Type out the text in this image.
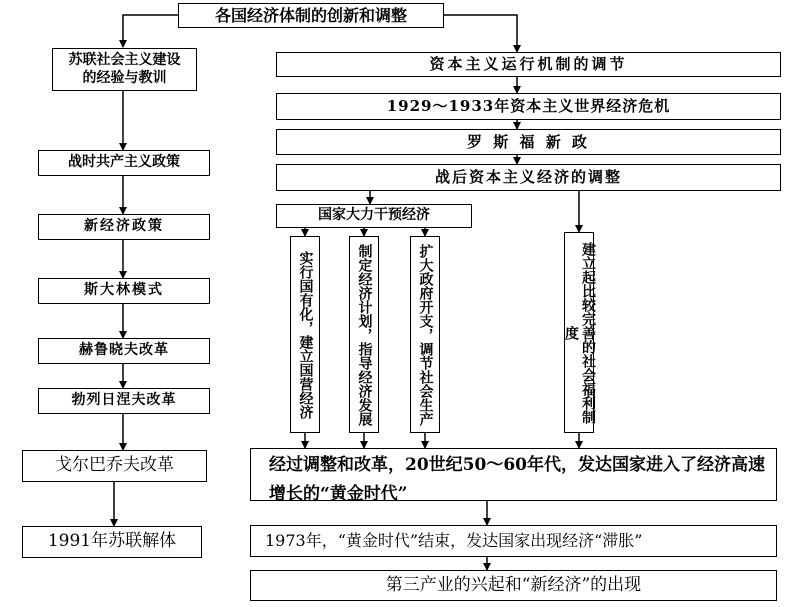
各国经济体制的创新和调整
苏联社会主义建设的经验与教训
战时共产主义政策
新经济政策
斯大林模式
赫鲁晓夫改革
勃列日涅夫改革
戈尔巴乔夫改革
1991年苏联解体
资本主义运行机制的调节
1929～1933年资本主义世界经济危机
罗 斯 福 新 政
战后资本主义经济的调整
国家大力干预经济
实行国有化，建立国营经济	制定经济计划，指导经济发展	扩大政府开支，调节社会生产	建立起比较完善的社会福利制度
经过调整和改革，20世纪50～60年代，发达国家进入了经济高速增长的“黄金时代”
1973年，“黄金时代”结束，发达国家出现经济“滞胀”
第三产业的兴起和“新经济”的出现
